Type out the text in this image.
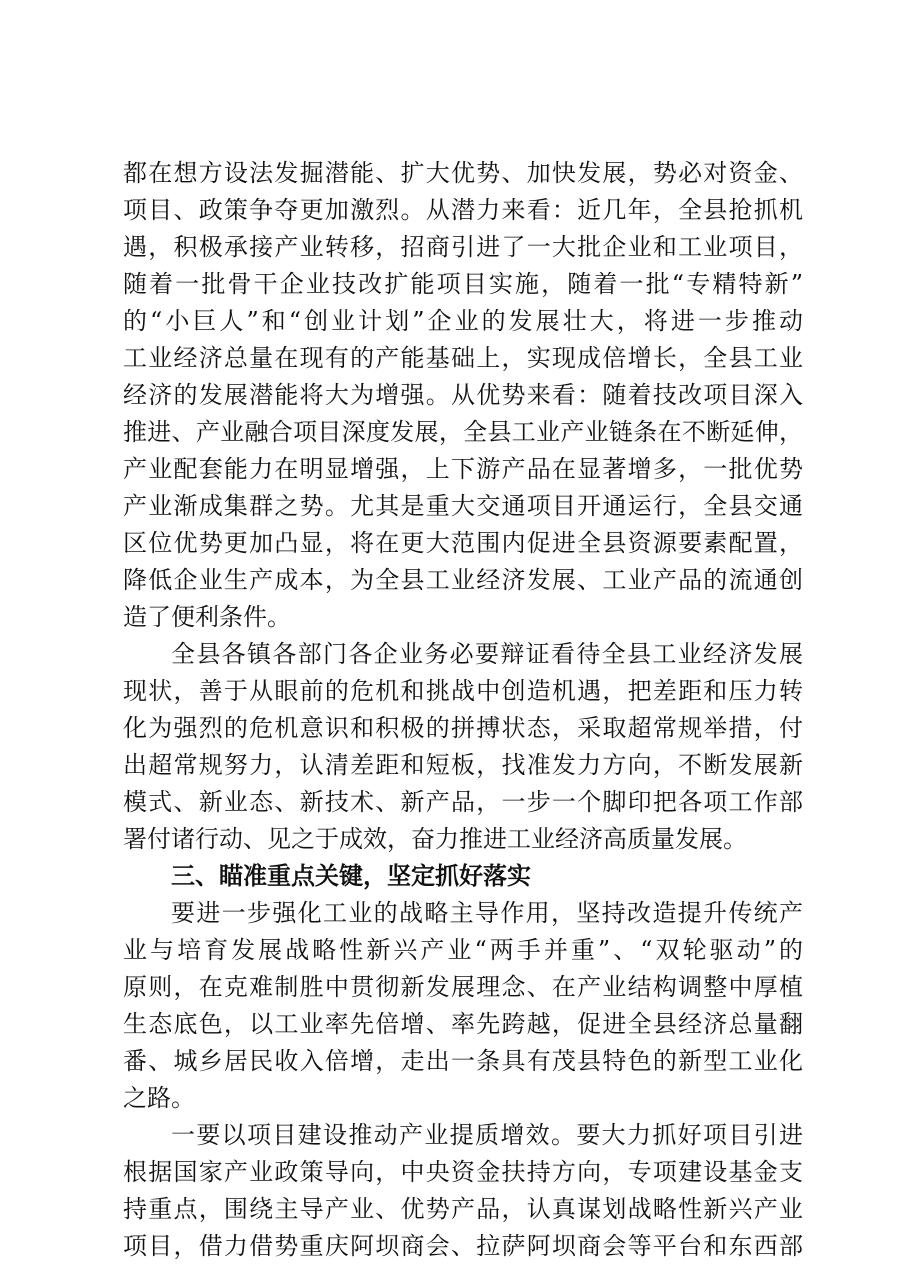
都在想方设法发掘潜能、扩大优势、加快发展，势必对资金、
项目、政策争夺更加激烈。从潜力来看：近几年，全县抢抓机
遇，积极承接产业转移，招商引进了一大批企业和工业项目，
随着一批骨干企业技改扩能项目实施，随着一批“专精特新”
的“小巨人”和“创业计划”企业的发展壮大，将进一步推动
工业经济总量在现有的产能基础上，实现成倍增长，全县工业
经济的发展潜能将大为增强。从优势来看：随着技改项目深入
推进、产业融合项目深度发展，全县工业产业链条在不断延伸，
产业配套能力在明显增强，上下游产品在显著增多，一批优势
产业渐成集群之势。尤其是重大交通项目开通运行，全县交通
区位优势更加凸显，将在更大范围内促进全县资源要素配置，
降低企业生产成本，为全县工业经济发展、工业产品的流通创
造了便利条件。
全县各镇各部门各企业务必要辩证看待全县工业经济发展
现状，善于从眼前的危机和挑战中创造机遇，把差距和压力转
化为强烈的危机意识和积极的拼搏状态，采取超常规举措，付
出超常规努力，认清差距和短板，找准发力方向，不断发展新
模式、新业态、新技术、新产品，一步一个脚印把各项工作部
署付诸行动、见之于成效，奋力推进工业经济高质量发展。
三、瞄准重点关键，坚定抓好落实
要进一步强化工业的战略主导作用，坚持改造提升传统产
业与培育发展战略性新兴产业“两手并重”、“双轮驱动”的
原则，在克难制胜中贯彻新发展理念、在产业结构调整中厚植
生态底色，以工业率先倍增、率先跨越，促进全县经济总量翻
番、城乡居民收入倍增，走出一条具有茂县特色的新型工业化
之路。
一要以项目建设推动产业提质增效。要大力抓好项目引进
根据国家产业政策导向，中央资金扶持方向，专项建设基金支
持重点，围绕主导产业、优势产品，认真谋划战略性新兴产业
项目，借力借势重庆阿坝商会、拉萨阿坝商会等平台和东西部
